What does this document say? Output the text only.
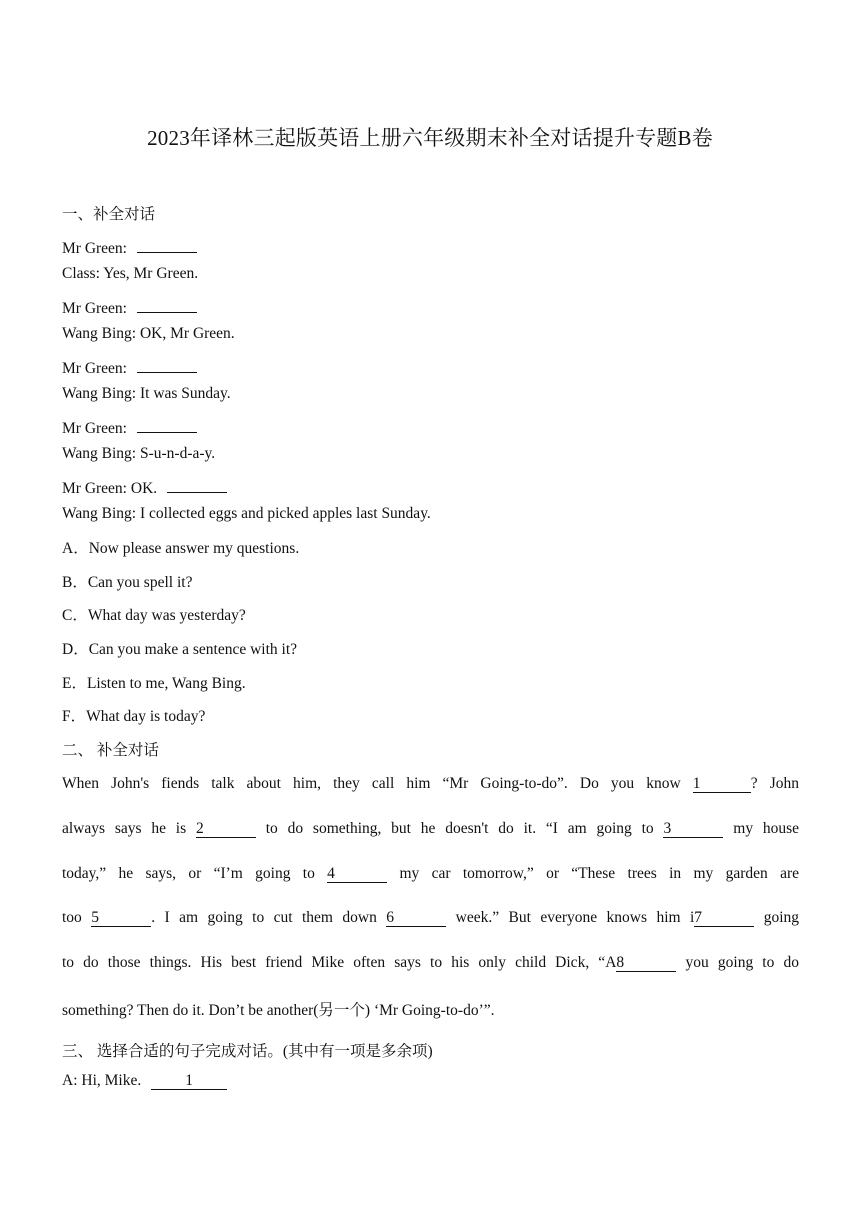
2023年译林三起版英语上册六年级期末补全对话提升专题B卷
一、补全对话
Mr Green:
Class: Yes, Mr Green.
Mr Green:
Wang Bing: OK, Mr Green.
Mr Green:
Wang Bing: It was Sunday.
Mr Green:
Wang Bing: S-u-n-d-a-y.
Mr Green: OK.
Wang Bing: I collected eggs and picked apples last Sunday.
A．Now please answer my questions.
B．Can you spell it?
C．What day was yesterday?
D．Can you make a sentence with it?
E．Listen to me, Wang Bing.
F．What day is today?
二、 补全对话
When John's fiends talk about him, they call him “Mr Going-to-do”. Do you know 1	? John
always says he is 2	to do something, but he doesn't do it. “I am going to 3	my house
today,” he says, or “I’m going to 4	my car tomorrow,” or “These trees in my garden are
too 5	. I am going to cut them down 6	week.” But everyone knows him i7	going
to do those things. His best friend Mike often says to his only child Dick, “A8	you going to do
something? Then do it. Don’t be another(另一个) ‘Mr Going-to-do’”.
三、 选择合适的句子完成对话。(其中有一项是多余项)
A: Hi, Mike.	1
